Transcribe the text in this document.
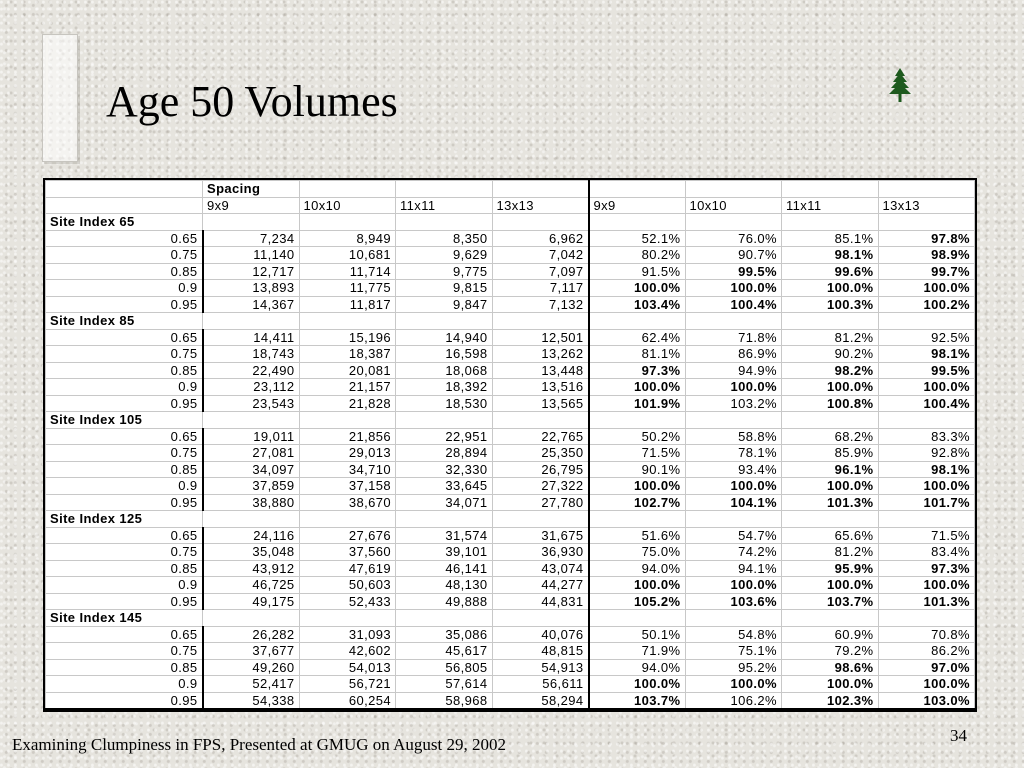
Age 50 Volumes
	Spacing							
	9x9	10x10	11x11	13x13	9x9	10x10	11x11	13x13
Site Index 65								
0.65	7,234	8,949	8,350	6,962	52.1%	76.0%	85.1%	97.8%
0.75	11,140	10,681	9,629	7,042	80.2%	90.7%	98.1%	98.9%
0.85	12,717	11,714	9,775	7,097	91.5%	99.5%	99.6%	99.7%
0.9	13,893	11,775	9,815	7,117	100.0%	100.0%	100.0%	100.0%
0.95	14,367	11,817	9,847	7,132	103.4%	100.4%	100.3%	100.2%
Site Index 85								
0.65	14,411	15,196	14,940	12,501	62.4%	71.8%	81.2%	92.5%
0.75	18,743	18,387	16,598	13,262	81.1%	86.9%	90.2%	98.1%
0.85	22,490	20,081	18,068	13,448	97.3%	94.9%	98.2%	99.5%
0.9	23,112	21,157	18,392	13,516	100.0%	100.0%	100.0%	100.0%
0.95	23,543	21,828	18,530	13,565	101.9%	103.2%	100.8%	100.4%
Site Index 105								
0.65	19,011	21,856	22,951	22,765	50.2%	58.8%	68.2%	83.3%
0.75	27,081	29,013	28,894	25,350	71.5%	78.1%	85.9%	92.8%
0.85	34,097	34,710	32,330	26,795	90.1%	93.4%	96.1%	98.1%
0.9	37,859	37,158	33,645	27,322	100.0%	100.0%	100.0%	100.0%
0.95	38,880	38,670	34,071	27,780	102.7%	104.1%	101.3%	101.7%
Site Index 125								
0.65	24,116	27,676	31,574	31,675	51.6%	54.7%	65.6%	71.5%
0.75	35,048	37,560	39,101	36,930	75.0%	74.2%	81.2%	83.4%
0.85	43,912	47,619	46,141	43,074	94.0%	94.1%	95.9%	97.3%
0.9	46,725	50,603	48,130	44,277	100.0%	100.0%	100.0%	100.0%
0.95	49,175	52,433	49,888	44,831	105.2%	103.6%	103.7%	101.3%
Site Index 145								
0.65	26,282	31,093	35,086	40,076	50.1%	54.8%	60.9%	70.8%
0.75	37,677	42,602	45,617	48,815	71.9%	75.1%	79.2%	86.2%
0.85	49,260	54,013	56,805	54,913	94.0%	95.2%	98.6%	97.0%
0.9	52,417	56,721	57,614	56,611	100.0%	100.0%	100.0%	100.0%
0.95	54,338	60,254	58,968	58,294	103.7%	106.2%	102.3%	103.0%
Examining Clumpiness in FPS, Presented at GMUG on August 29, 2002	34
